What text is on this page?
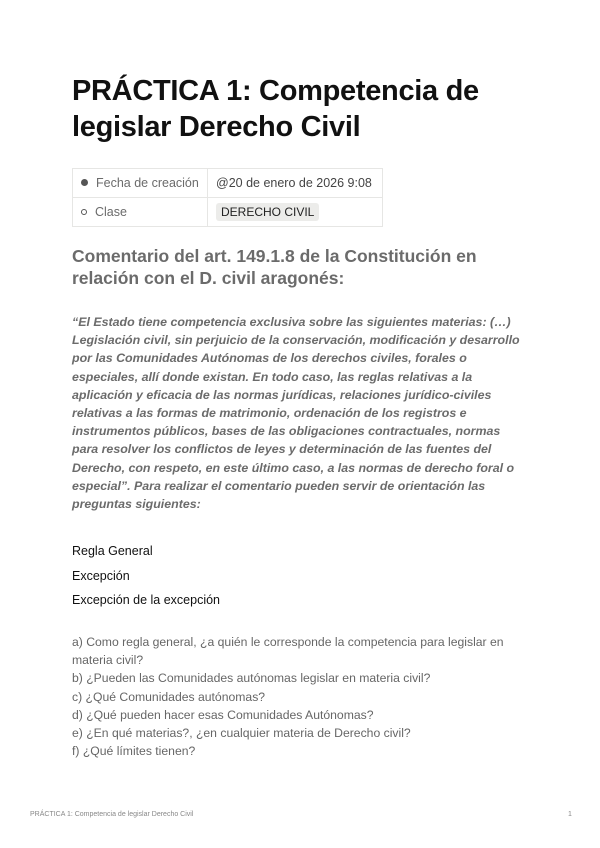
PRÁCTICA 1: Competencia de legislar Derecho Civil
Fecha de creación	@20 de enero de 2026 9:08
Clase	DERECHO CIVIL
Comentario del art. 149.1.8 de la Constitución en relación con el D. civil aragonés:

“El Estado tiene competencia exclusiva sobre las siguientes materias: (…) Legislación civil, sin perjuicio de la conservación, modificación y desarrollo por las Comunidades Autónomas de los derechos civiles, forales o especiales, allí donde existan. En todo caso, las reglas relativas a la aplicación y eficacia de las normas jurídicas, relaciones jurídico-civiles relativas a las formas de matrimonio, ordenación de los registros e instrumentos públicos, bases de las obligaciones contractuales, normas para resolver los conflictos de leyes y determinación de las fuentes del Derecho, con respeto, en este último caso, a las normas de derecho foral o especial”. Para realizar el comentario pueden servir de orientación las preguntas siguientes:

Regla General
Excepción
Excepción de la excepción
a) Como regla general, ¿a quién le corresponde la competencia para legislar en materia civil?
b) ¿Pueden las Comunidades autónomas legislar en materia civil?
c) ¿Qué Comunidades autónomas?
d) ¿Qué pueden hacer esas Comunidades Autónomas?
e) ¿En qué materias?, ¿en cualquier materia de Derecho civil?
f) ¿Qué límites tienen?
PRÁCTICA 1: Competencia de legislar Derecho Civil	1
